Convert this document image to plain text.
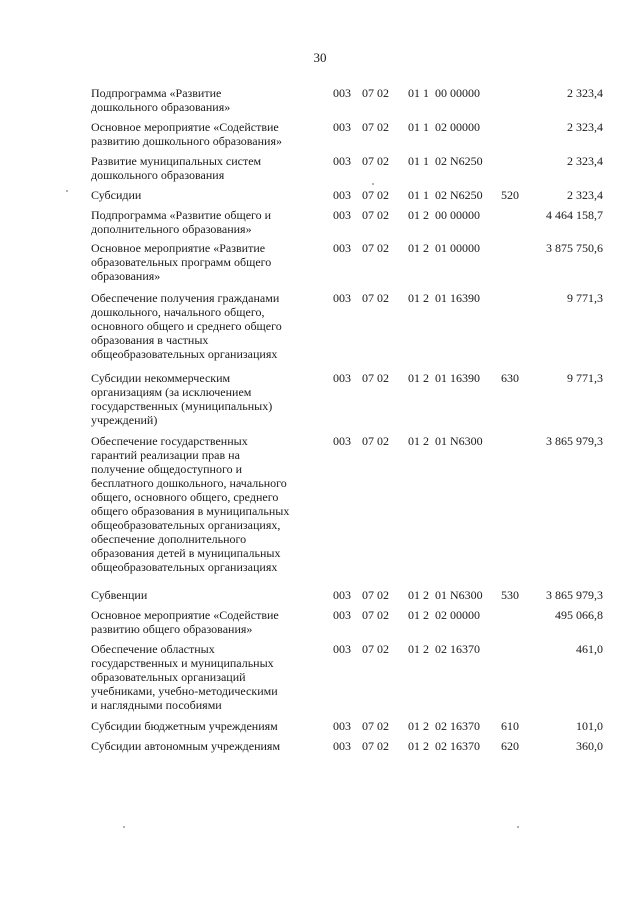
30
Подпрограмма «Развитие
дошкольного образования»
003 07 02 01 1  00 00000	2 323,4
Основное мероприятие «Содействие
развитию дошкольного образования»
003 07 02 01 1  02 00000	2 323,4
Развитие муниципальных систем
дошкольного образования
003 07 02 01 1  02 N6250	2 323,4
Субсидии	003 07 02 01 1  02 N6250 520	2 323,4
Подпрограмма «Развитие общего и
дополнительного образования»
003 07 02 01 2  00 00000	4 464 158,7
Основное мероприятие «Развитие
образовательных программ общего
образования»
003 07 02 01 2  01 00000	3 875 750,6
Обеспечение получения гражданами
дошкольного, начального общего,
основного общего и среднего общего
образования в частных
общеобразовательных организациях
003 07 02 01 2  01 16390	9 771,3
Субсидии некоммерческим
организациям (за исключением
государственных (муниципальных)
учреждений)
003 07 02 01 2  01 16390 630	9 771,3
Обеспечение государственных
гарантий реализации прав на
получение общедоступного и
бесплатного дошкольного, начального
общего, основного общего, среднего
общего образования в муниципальных
общеобразовательных организациях,
обеспечение дополнительного
образования детей в муниципальных
общеобразовательных организациях
003 07 02 01 2  01 N6300	3 865 979,3
Субвенции	003 07 02 01 2  01 N6300 530 3 865 979,3
Основное мероприятие «Содействие
развитию общего образования»
003 07 02 01 2  02 00000	495 066,8
Обеспечение областных
государственных и муниципальных
образовательных организаций
учебниками, учебно-методическими
и наглядными пособиями
003 07 02 01 2  02 16370	461,0
Субсидии бюджетным учреждениям	003 07 02 01 2  02 16370 610	101,0
Субсидии автономным учреждениям	003 07 02 01 2  02 16370 620	360,0
